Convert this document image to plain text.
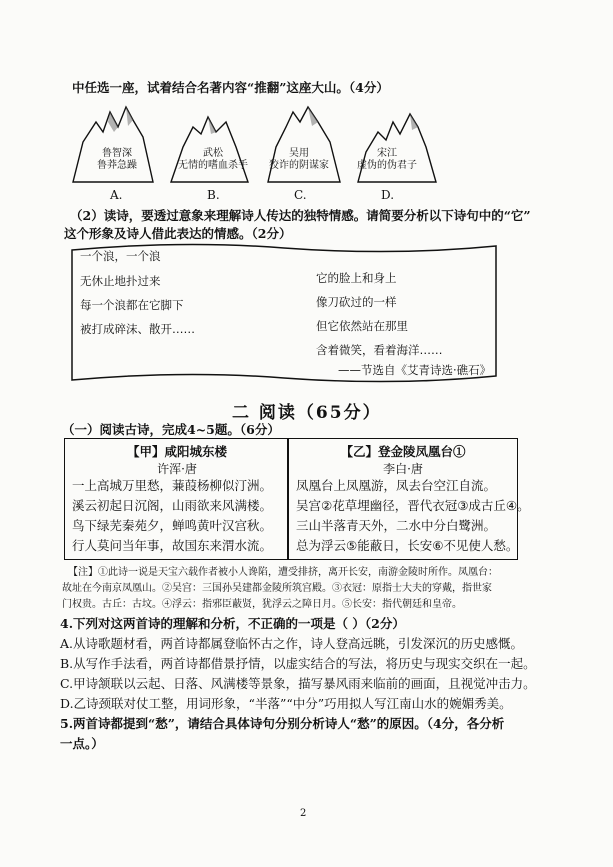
中任选一座，试着结合名著内容“推翻”这座大山。（4分）
鲁智深
鲁莽急躁
武松
无情的嗜血杀手
吴用
狡诈的阴谋家
宋江
虚伪的伪君子
A.	B.	C.	D.
（2）读诗，要透过意象来理解诗人传达的独特情感。请简要分析以下诗句中的“它”
这个形象及诗人借此表达的情感。（2分）
一个浪，一个浪
无休止地扑过来
每一个浪都在它脚下
被打成碎沫、散开……
它的脸上和身上
像刀砍过的一样
但它依然站在那里
含着微笑，看着海洋……
——节选自《艾青诗选·礁石》
二 阅读（65分）
（一）阅读古诗，完成4~5题。（6分）
【甲】咸阳城东楼
许浑·唐
一上高城万里愁，蒹葭杨柳似汀洲。
溪云初起日沉阁，山雨欲来风满楼。
鸟下绿芜秦苑夕，蝉鸣黄叶汉宫秋。
行人莫问当年事，故国东来渭水流。
【乙】登金陵凤凰台①
李白·唐
凤凰台上凤凰游，凤去台空江自流。
吴宫②花草埋幽径，晋代衣冠③成古丘④。
三山半落青天外，二水中分白鹭洲。
总为浮云⑤能蔽日，长安⑥不见使人愁。
【注】①此诗一说是天宝六载作者被小人谗陷，遭受排挤，离开长安，南游金陵时所作。凤凰台：
故址在今南京凤凰山。②吴宫：三国孙吴建都金陵所筑宫殿。③衣冠：原指士大夫的穿戴，指世家
门权贵。古丘：古坟。④浮云：指邪臣蔽贤，犹浮云之障日月。⑤长安：指代朝廷和皇帝。
4.下列对这两首诗的理解和分析，不正确的一项是（ ）（2分）
A.从诗歌题材看，两首诗都属登临怀古之作，诗人登高远眺，引发深沉的历史感慨。
B.从写作手法看，两首诗都借景抒情，以虚实结合的写法，将历史与现实交织在一起。
C.甲诗颔联以云起、日落、风满楼等景象，描写暴风雨来临前的画面，且视觉冲击力。
D.乙诗颈联对仗工整，用词形象，“半落”“中分”巧用拟人写江南山水的婉媚秀美。
5.两首诗都提到“愁”，请结合具体诗句分别分析诗人“愁”的原因。（4分，各分析
一点。）
2
